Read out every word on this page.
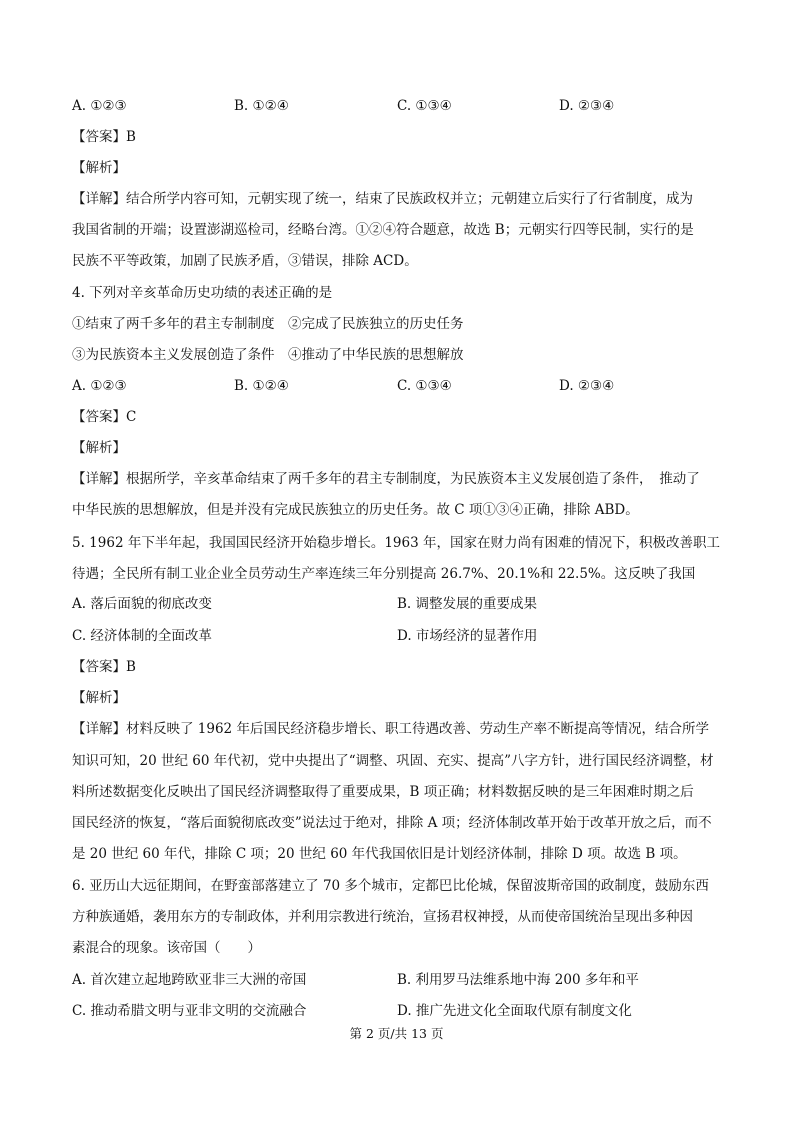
A. ①②③	B. ①②④	C. ①③④	D. ②③④
【答案】B
【解析】
【详解】结合所学内容可知，元朝实现了统一，结束了民族政权并立；元朝建立后实行了行省制度，成为
我国省制的开端；设置澎湖巡检司，经略台湾。①②④符合题意，故选 B；元朝实行四等民制，实行的是
民族不平等政策，加剧了民族矛盾，③错误，排除 ACD。
4. 下列对辛亥革命历史功绩的表述正确的是
①结束了两千多年的君主专制制度　②完成了民族独立的历史任务
③为民族资本主义发展创造了条件　④推动了中华民族的思想解放
A. ①②③	B. ①②④	C. ①③④	D. ②③④
【答案】C
【解析】
【详解】根据所学，辛亥革命结束了两千多年的君主专制制度，为民族资本主义发展创造了条件，　推动了
中华民族的思想解放，但是并没有完成民族独立的历史任务。故 C 项①③④正确，排除 ABD。
5. 1962 年下半年起，我国国民经济开始稳步增长。1963 年，国家在财力尚有困难的情况下，积极改善职工
待遇；全民所有制工业企业全员劳动生产率连续三年分别提高 26.7%、20.1%和 22.5%。这反映了我国
A. 落后面貌的彻底改变	B. 调整发展的重要成果
C. 经济体制的全面改革	D. 市场经济的显著作用
【答案】B
【解析】
【详解】材料反映了 1962 年后国民经济稳步增长、职工待遇改善、劳动生产率不断提高等情况，结合所学
知识可知，20 世纪 60 年代初，党中央提出了“调整、巩固、充实、提高”八字方针，进行国民经济调整，材
料所述数据变化反映出了国民经济调整取得了重要成果，B 项正确；材料数据反映的是三年困难时期之后
国民经济的恢复，“落后面貌彻底改变”说法过于绝对，排除 A 项；经济体制改革开始于改革开放之后，而不
是 20 世纪 60 年代，排除 C 项；20 世纪 60 年代我国依旧是计划经济体制，排除 D 项。故选 B 项。
6. 亚历山大远征期间，在野蛮部落建立了 70 多个城市，定都巴比伦城，保留波斯帝国的政制度，鼓励东西
方种族通婚，袭用东方的专制政体，并利用宗教进行统治，宣扬君权神授，从而使帝国统治呈现出多种因
素混合的现象。该帝国（　　）
A. 首次建立起地跨欧亚非三大洲的帝国	B. 利用罗马法维系地中海 200 多年和平
C. 推动希腊文明与亚非文明的交流融合	D. 推广先进文化全面取代原有制度文化
第 2 页/共 13 页
